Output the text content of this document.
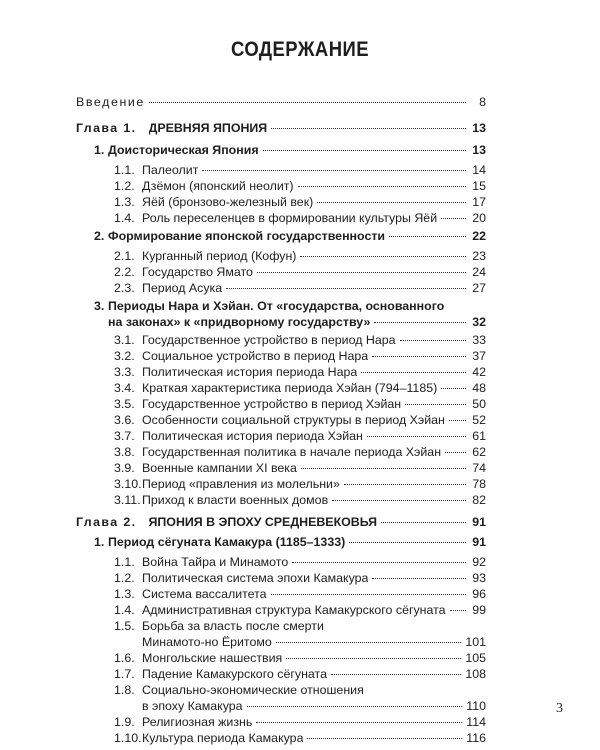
СОДЕРЖАНИЕ
Введение	8
Глава 1. ДРЕВНЯЯ ЯПОНИЯ	13
1. Доисторическая Япония	13
1.1. Палеолит	14
1.2. Дзёмон (японский неолит)	15
1.3. Яёй (бронзово-железный век)	17
1.4. Роль переселенцев в формировании культуры Яёй	20
2. Формирование японской государственности	22
2.1. Курганный период (Кофун)	23
2.2. Государство Ямато	24
2.3. Период Асука	27
3. Периоды Нара и Хэйан. От «государства, основанного
на законах» к «придворному государству»	32
3.1. Государственное устройство в период Нара	33
3.2. Социальное устройство в период Нара	37
3.3. Политическая история периода Нара	42
3.4. Краткая характеристика периода Хэйан (794–1185)	48
3.5. Государственное устройство в период Хэйан	50
3.6. Особенности социальной структуры в период Хэйан 52
3.7. Политическая история периода Хэйан	61
3.8. Государственная политика в начале периода Хэйан	62
3.9. Военные кампании XI века	74
3.10. Период «правления из молельни»	78
3.11. Приход к власти военных домов	82
Глава 2. ЯПОНИЯ В ЭПОХУ СРЕДНЕВЕКОВЬЯ	91
1. Период сёгуната Камакура (1185–1333)	91
1.1. Война Тайра и Минамото	92
1.2. Политическая система эпохи Камакура	93
1.3. Система вассалитета	96
1.4. Административная структура Камакурского сёгуната 99
1.5. Борьба за власть после смерти
Минамото-но Ёритомо	101
1.6. Монгольские нашествия	105
1.7. Падение Камакурского сёгуната	108
1.8. Социально-экономические отношения
в эпоху Камакура	110
1.9. Религиозная жизнь	114
1.10. Культура периода Камакура	116
3
